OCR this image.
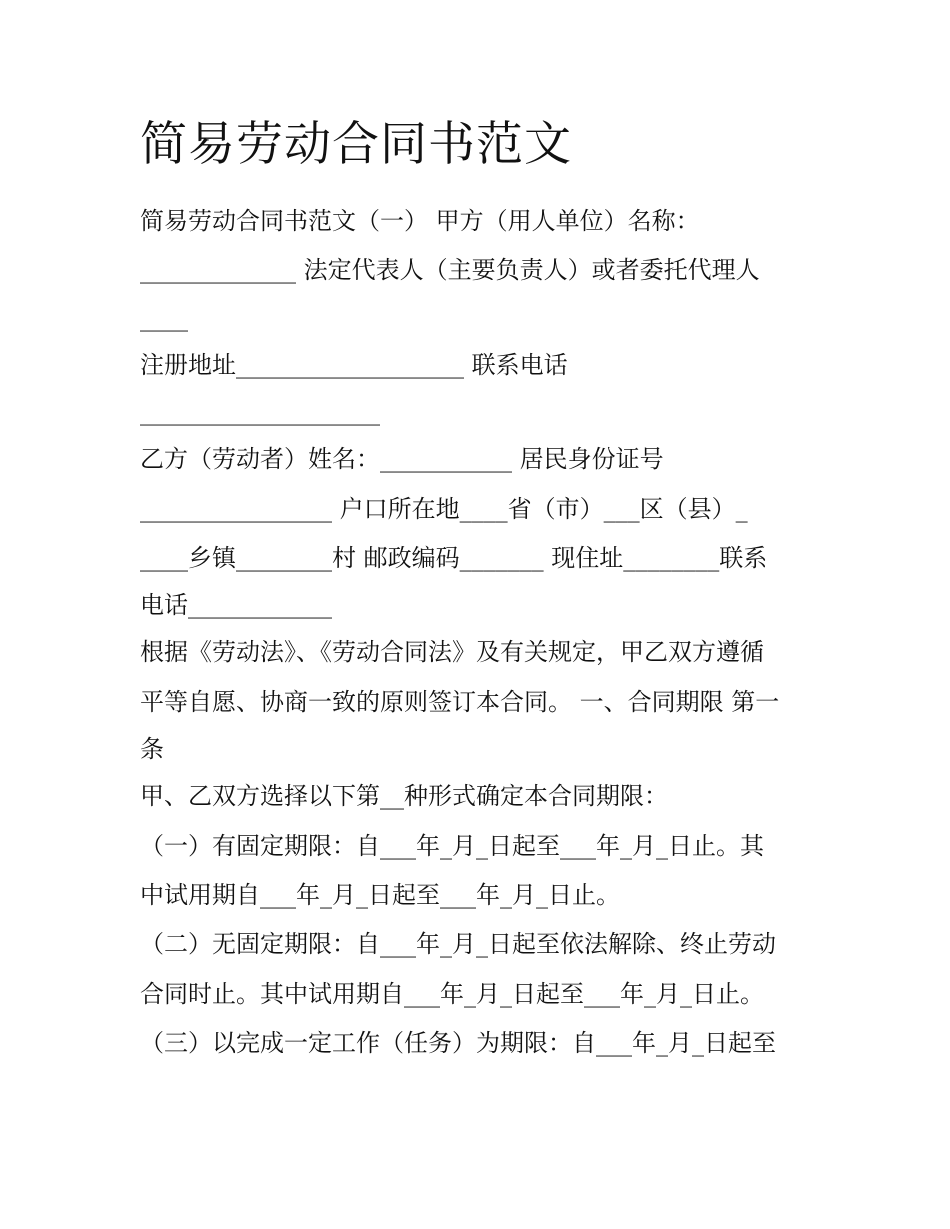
简易劳动合同书范文
简易劳动合同书范文（一） 甲方（用人单位）名称：
_____________ 法定代表人（主要负责人）或者委托代理人
____
注册地址___________________ 联系电话
____________________
乙方（劳动者）姓名：___________ 居民身份证号
________________ 户口所在地____省（市）___区（县）_
____乡镇________村 邮政编码_______ 现住址________联系
电话____________
根据《劳动法》、《劳动合同法》及有关规定，甲乙双方遵循
平等自愿、协商一致的原则签订本合同。 一、合同期限 第一
条
甲、乙双方选择以下第__种形式确定本合同期限：
（一）有固定期限：自___年_月_日起至___年_月_日止。其
中试用期自___年_月_日起至___年_月_日止。
（二）无固定期限：自___年_月_日起至依法解除、终止劳动
合同时止。其中试用期自___年_月_日起至___年_月_日止。
（三）以完成一定工作（任务）为期限：自___年_月_日起至
